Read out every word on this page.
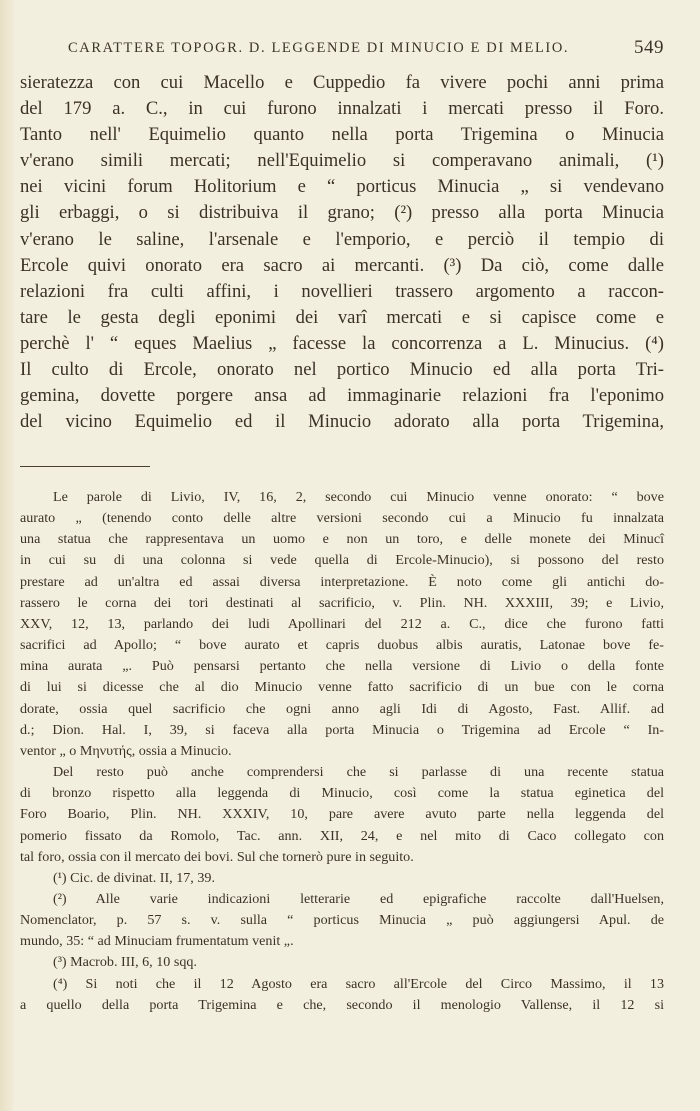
CARATTERE TOPOGR. D. LEGGENDE DI MINUCIO E DI MELIO.	549
sieratezza con cui Macello e Cuppedio fa vivere pochi anni prima
del 179 a. C., in cui furono innalzati i mercati presso il Foro.
Tanto nell' Equimelio quanto nella porta Trigemina o Minucia
v'erano simili mercati; nell'Equimelio si comperavano animali, (¹)
nei vicini forum Holitorium e “ porticus Minucia „ si vendevano
gli erbaggi, o si distribuiva il grano; (²) presso alla porta Minucia
v'erano le saline, l'arsenale e l'emporio, e perciò il tempio di
Ercole quivi onorato era sacro ai mercanti. (³) Da ciò, come dalle
relazioni fra culti affini, i novellieri trassero argomento a raccon-
tare le gesta degli eponimi dei varî mercati e si capisce come e
perchè l' “ eques Maelius „ facesse la concorrenza a L. Minucius. (⁴)
Il culto di Ercole, onorato nel portico Minucio ed alla porta Tri-
gemina, dovette porgere ansa ad immaginarie relazioni fra l'eponimo
del vicino Equimelio ed il Minucio adorato alla porta Trigemina,
Le parole di Livio, IV, 16, 2, secondo cui Minucio venne onorato: “ bove
aurato „ (tenendo conto delle altre versioni secondo cui a Minucio fu innalzata
una statua che rappresentava un uomo e non un toro, e delle monete dei Minucî
in cui su di una colonna si vede quella di Ercole-Minucio), si possono del resto
prestare ad un'altra ed assai diversa interpretazione. È noto come gli antichi do-
rassero le corna dei tori destinati al sacrificio, v. Plin. NH. XXXIII, 39; e Livio,
XXV, 12, 13, parlando dei ludi Apollinari del 212 a. C., dice che furono fatti
sacrifici ad Apollo; “ bove aurato et capris duobus albis auratis, Latonae bove fe-
mina aurata „. Può pensarsi pertanto che nella versione di Livio o della fonte
di lui si dicesse che al dio Minucio venne fatto sacrificio di un bue con le corna
dorate, ossia quel sacrificio che ogni anno agli Idi di Agosto, Fast. Allif. ad
d.; Dion. Hal. I, 39, si faceva alla porta Minucia o Trigemina ad Ercole “ In-
ventor „ o Μηνυτής, ossia a Minucio.
Del resto può anche comprendersi che si parlasse di una recente statua
di bronzo rispetto alla leggenda di Minucio, così come la statua eginetica del
Foro Boario, Plin. NH. XXXIV, 10, pare avere avuto parte nella leggenda del
pomerio fissato da Romolo, Tac. ann. XII, 24, e nel mito di Caco collegato con
tal foro, ossia con il mercato dei bovi. Sul che tornerò pure in seguito.
(¹) Cic. de divinat. II, 17, 39.
(²) Alle varie indicazioni letterarie ed epigrafiche raccolte dall'Huelsen,
Nomenclator, p. 57 s. v. sulla “ porticus Minucia „ può aggiungersi Apul. de
mundo, 35: “ ad Minuciam frumentatum venit „.
(³) Macrob. III, 6, 10 sqq.
(⁴) Si noti che il 12 Agosto era sacro all'Ercole del Circo Massimo, il 13
a quello della porta Trigemina e che, secondo il menologio Vallense, il 12 si
